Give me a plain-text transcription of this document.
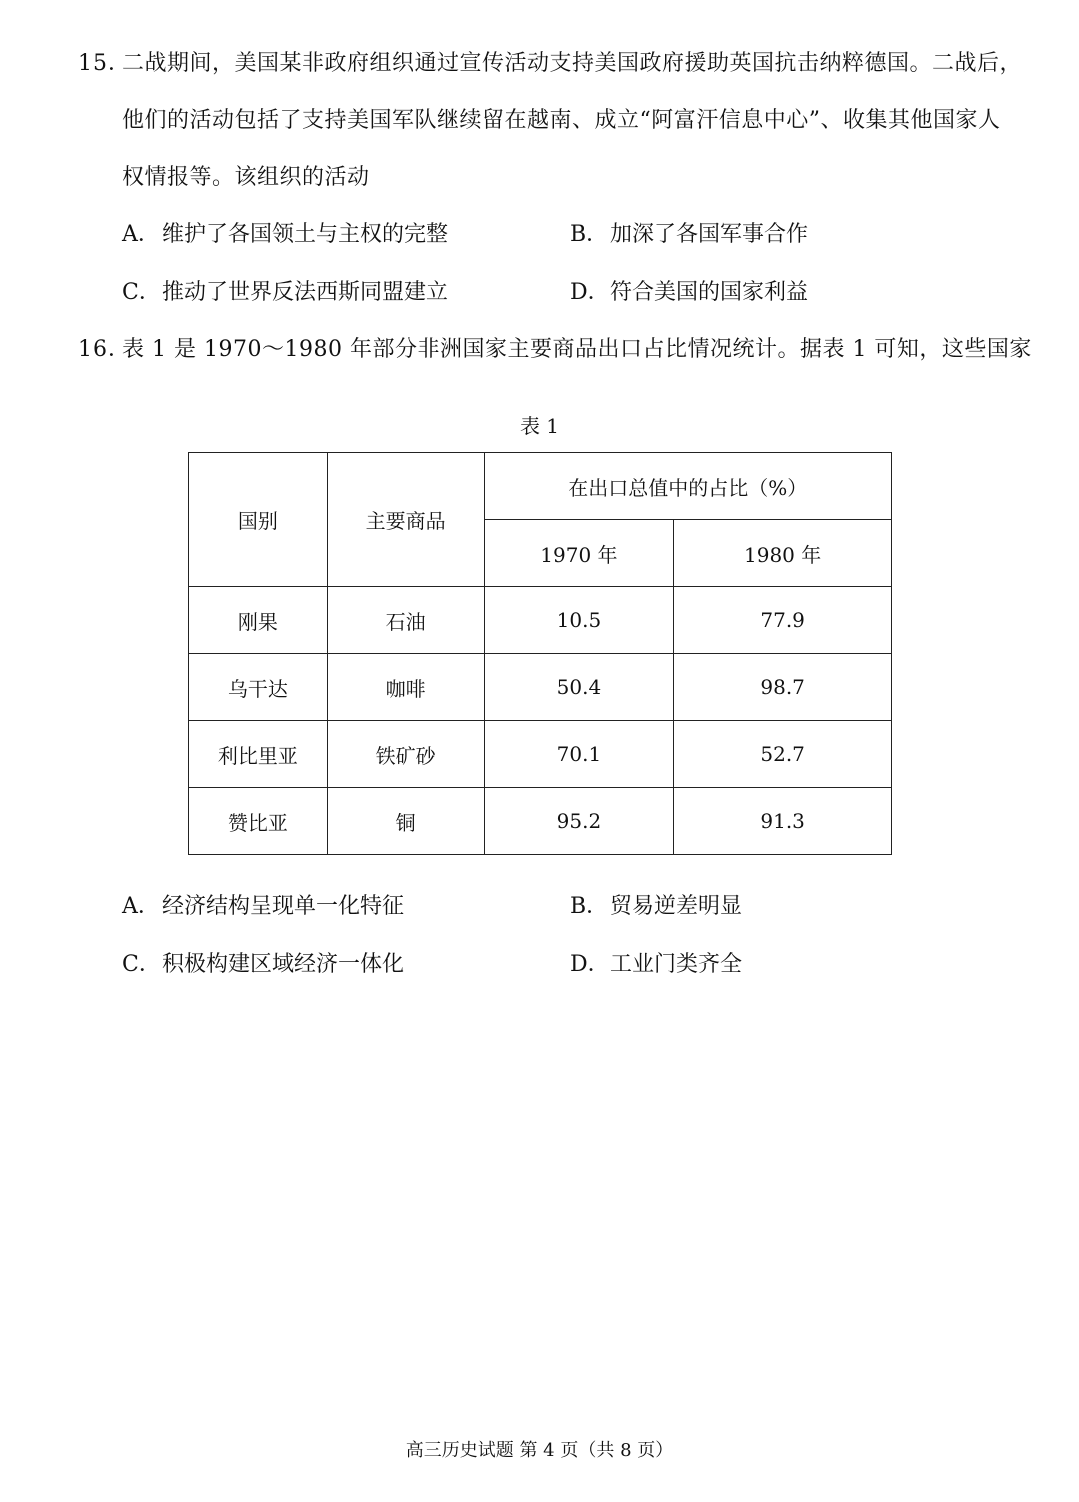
15．
二战期间，美国某非政府组织通过宣传活动支持美国政府援助英国抗击纳粹德国。二战后，
他们的活动包括了支持美国军队继续留在越南、成立“阿富汗信息中心”、收集其他国家人
权情报等。该组织的活动
A．维护了各国领土与主权的完整	B．加深了各国军事合作
C．推动了世界反法西斯同盟建立	D．符合美国的国家利益
16．
表 1 是 1970～1980 年部分非洲国家主要商品出口占比情况统计。据表 1 可知，这些国家
表 1
国别	主要商品	在出口总值中的占比（%）	
		1970 年	1980 年
刚果	石油	10.5	77.9
乌干达	咖啡	50.4	98.7
利比里亚	铁矿砂	70.1	52.7
赞比亚	铜	95.2	91.3
A．经济结构呈现单一化特征	B．贸易逆差明显
C．积极构建区域经济一体化	D．工业门类齐全
高三历史试题 第 4 页（共 8 页）
